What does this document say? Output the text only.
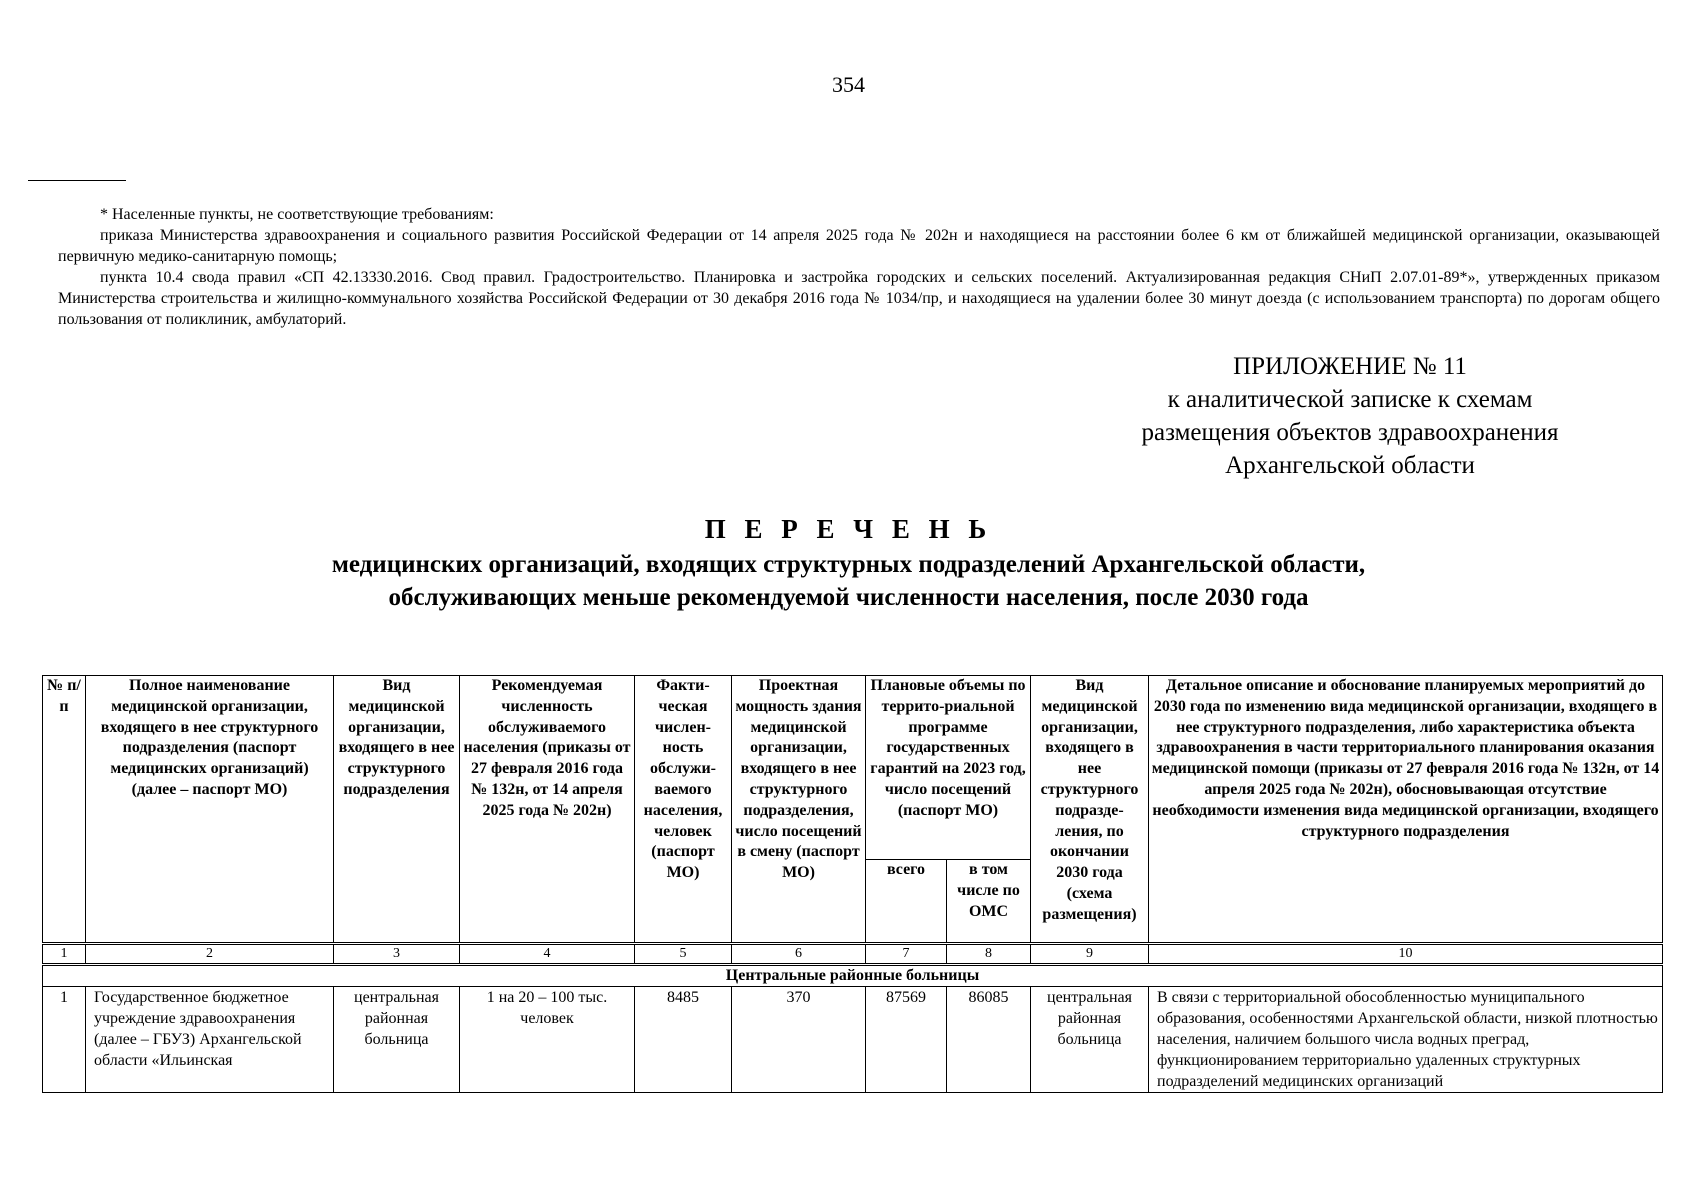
354

* Населенные пункты, не соответствующие требованиям:

приказа Министерства здравоохранения и социального развития Российской Федерации от 14 апреля 2025 года № 202н и находящиеся на расстоянии более 6 км от ближайшей медицинской организации, оказывающей первичную медико-санитарную помощь;

пункта 10.4 свода правил «СП 42.13330.2016. Свод правил. Градостроительство. Планировка и застройка городских и сельских поселений. Актуализированная редакция СНиП 2.07.01-89*», утвержденных приказом Министерства строительства и жилищно-коммунального хозяйства Российской Федерации от 30 декабря 2016 года № 1034/пр, и находящиеся на удалении более 30 минут доезда (с использованием транспорта) по дорогам общего пользования от поликлиник, амбулаторий.

ПРИЛОЖЕНИЕ № 11
к аналитической записке к схемам
размещения объектов здравоохранения
Архангельской области
П Е Р Е Ч Е Н Ь
медицинских организаций, входящих структурных подразделений Архангельской области,
обслуживающих меньше рекомендуемой численности населения, после 2030 года
№ п/п	Полное наименование медицинской организации, входящего в нее структурного подразделения (паспорт медицинских организаций) (далее – паспорт МО)	Вид медицинской организации, входящего в нее структурного подразделения	Рекомендуемая численность обслуживаемого населения (приказы от 27 февраля 2016 года № 132н, от 14 апреля 2025 года № 202н)	Факти-ческая числен-ность обслужи-ваемого населения, человек (паспорт МО)	Проектная мощность здания медицинской организации, входящего в нее структурного подразделения, число посещений в смену (паспорт МО)	Плановые объемы по террито-риальной программе государственных гарантий на 2023 год, число посещений (паспорт МО)		Вид медицинской организации, входящего в нее структурного подразде-ления, по окончании 2030 года (схема размещения)	Детальное описание и обоснование планируемых мероприятий до 2030 года по изменению вида медицинской организации, входящего в нее структурного подразделения, либо характеристика объекта здравоохранения в части территориального планирования оказания медицинской помощи (приказы от 27 февраля 2016 года № 132н, от 14 апреля 2025 года № 202н), обосновывающая отсутствие необходимости изменения вида медицинской организации, входящего структурного подразделения
						всего	в том числе по ОМС		
1	2	3	4	5	6	7	8	9	10
Центральные районные больницы									
1	Государственное бюджетное учреждение здравоохранения (далее – ГБУЗ) Архангельской области «Ильинская	центральная районная больница	1 на 20 – 100 тыс. человек	8485	370	87569	86085	центральная районная больница	В связи с территориальной обособленностью муниципального образования, особенностями Архангельской области, низкой плотностью населения, наличием большого числа водных преград, функционированием территориально удаленных структурных подразделений медицинских организаций
